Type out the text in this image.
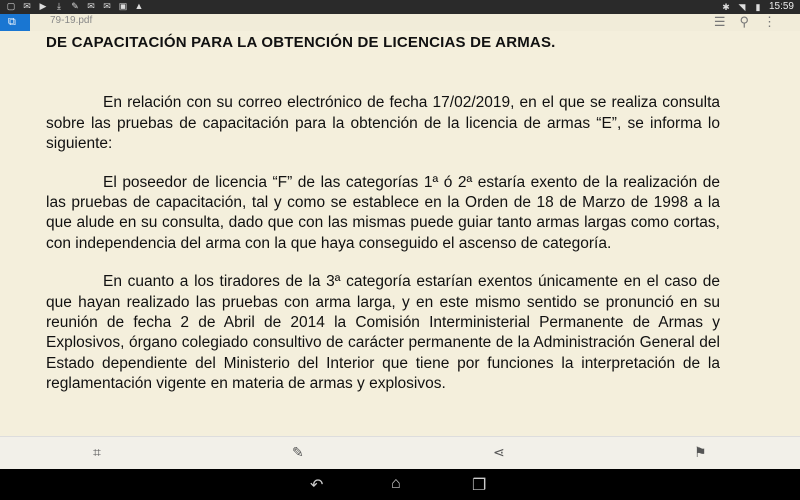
▢ ✉ ▶	⤓	✎ ✉ ✉ ▣ ▲	✱ ◥ ▮ 15:59
⧉	79-19.pdf	☰ ⚲ ⋮
DE CAPACITACIÓN PARA LA OBTENCIÓN DE LICENCIAS DE ARMAS.

En relación con su correo electrónico de fecha 17/02/2019, en el que se realiza consulta sobre las pruebas de capacitación para la obtención de la licencia de armas “E”, se informa lo siguiente:

El poseedor de licencia “F” de las categorías 1ª ó 2ª estaría exento de la realización de las pruebas de capacitación, tal y como se establece en la Orden de 18 de Marzo de 1998 a la que alude en su consulta, dado que con las mismas puede guiar tanto armas largas como cortas, con independencia del arma con la que haya conseguido el ascenso de categoría.

En cuanto a los tiradores de la 3ª categoría estarían exentos únicamente en el caso de que hayan realizado las pruebas con arma larga, y en este mismo sentido se pronunció en su reunión de fecha 2 de Abril de 2014 la Comisión Interministerial Permanente de Armas y Explosivos, órgano colegiado consultivo de carácter permanente de la Administración General del Estado dependiente del Ministerio del Interior que tiene por funciones la interpretación de la reglamentación vigente en materia de armas y explosivos.

⌗	✎	⋖	⚑
↶	⌂	❐
